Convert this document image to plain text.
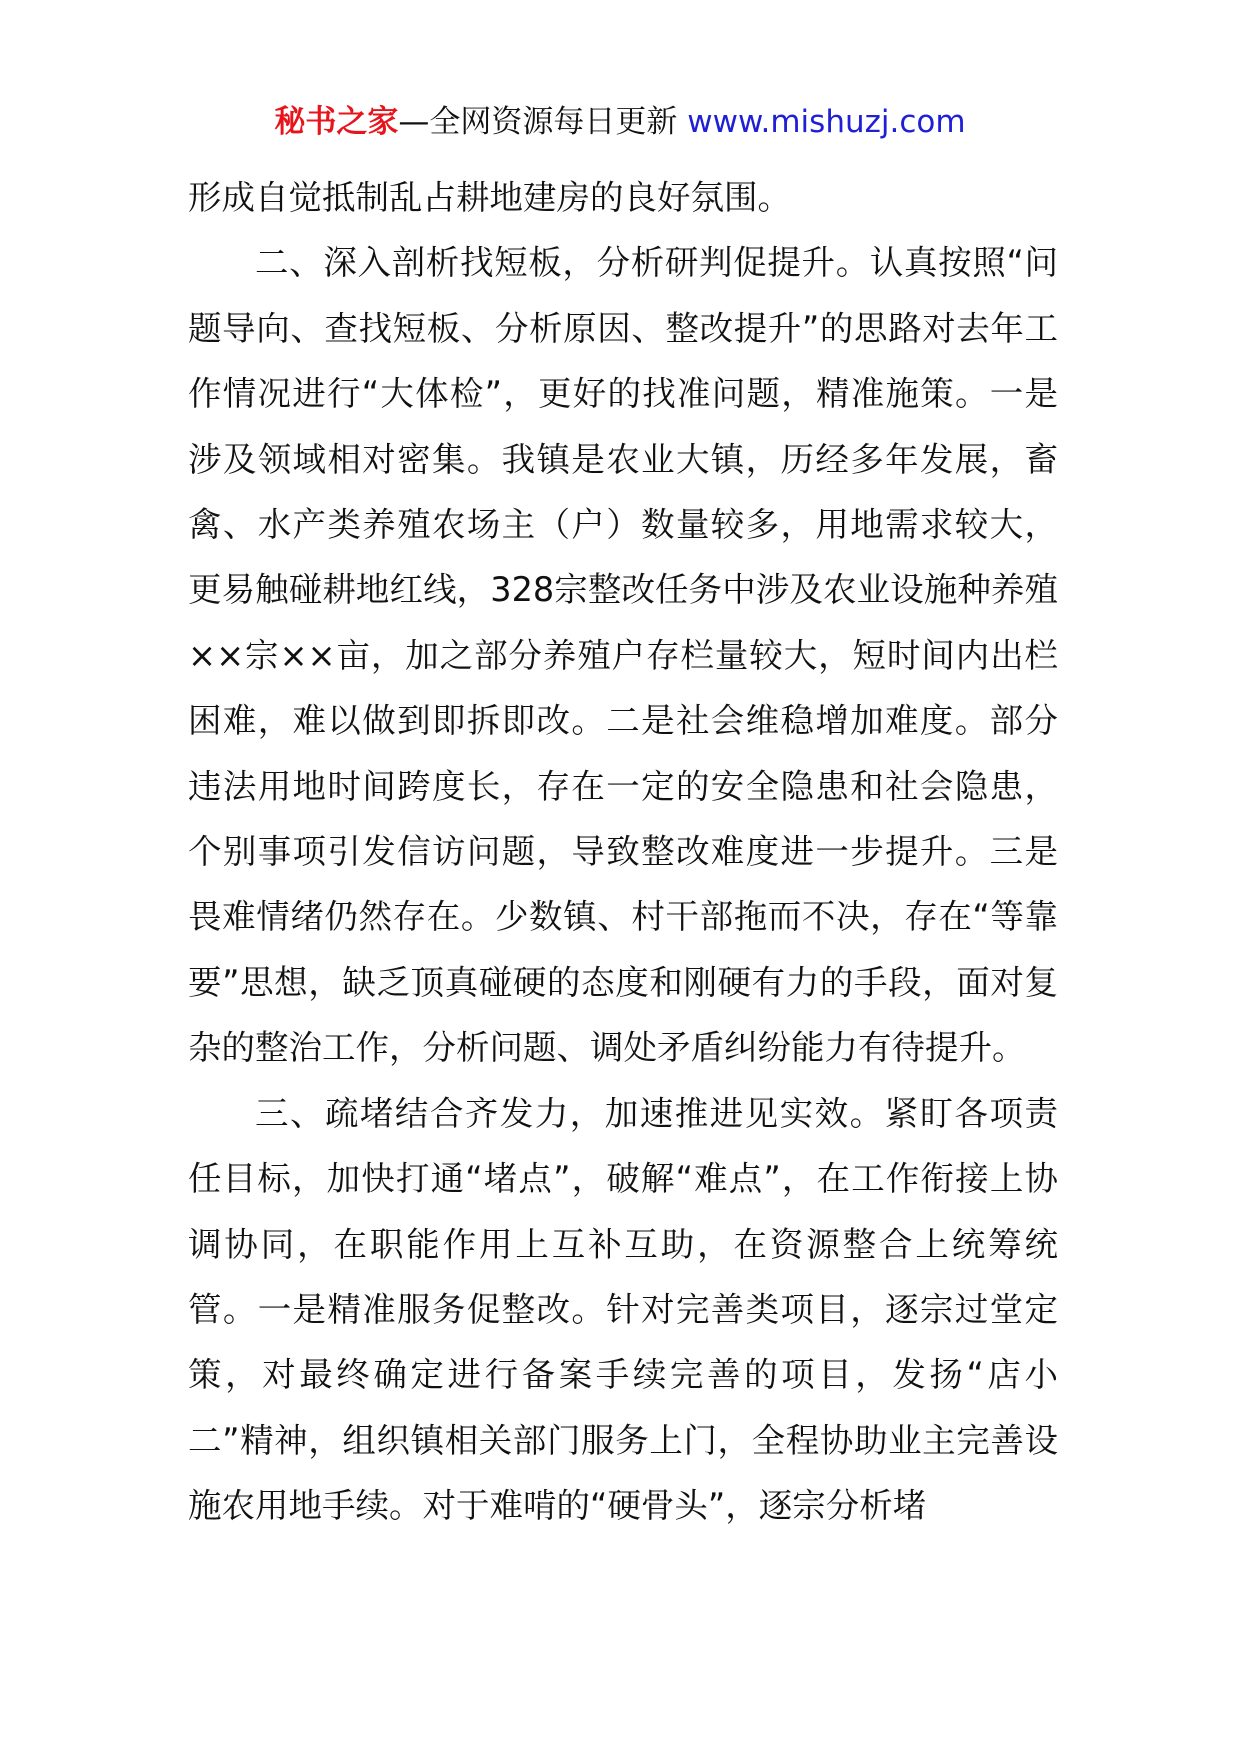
秘书之家—全网资源每日更新 www.mishuzj.com

形成自觉抵制乱占耕地建房的良好氛围。

二、深入剖析找短板，分析研判促提升。认真按照“问题导向、查找短板、分析原因、整改提升”的思路对去年工作情况进行“大体检”，更好的找准问题，精准施策。一是涉及领域相对密集。我镇是农业大镇，历经多年发展，畜禽、水产类养殖农场主（户）数量较多，用地需求较大，更易触碰耕地红线，328宗整改任务中涉及农业设施种养殖××宗××亩，加之部分养殖户存栏量较大，短时间内出栏困难，难以做到即拆即改。二是社会维稳增加难度。部分违法用地时间跨度长，存在一定的安全隐患和社会隐患，个别事项引发信访问题，导致整改难度进一步提升。三是畏难情绪仍然存在。少数镇、村干部拖而不决，存在“等靠要”思想，缺乏顶真碰硬的态度和刚硬有力的手段，面对复杂的整治工作，分析问题、调处矛盾纠纷能力有待提升。

三、疏堵结合齐发力，加速推进见实效。紧盯各项责任目标，加快打通“堵点”，破解“难点”，在工作衔接上协调协同，在职能作用上互补互助，在资源整合上统筹统管。一是精准服务促整改。针对完善类项目，逐宗过堂定策，对最终确定进行备案手续完善的项目，发扬“店小二”精神，组织镇相关部门服务上门，全程协助业主完善设施农用地手续。对于难啃的“硬骨头”，逐宗分析堵
